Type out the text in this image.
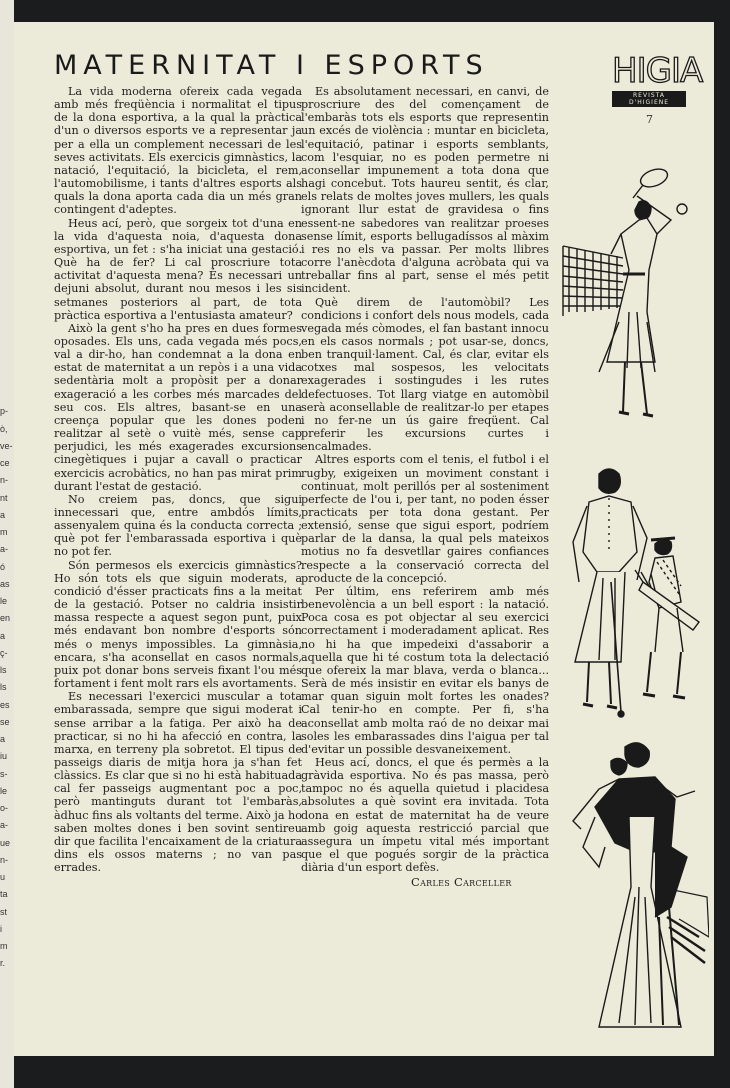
p-
ò,
ve-
ce
n-
nt
a
m
a-
ó
as
le
en
a
ç-
ls
ls
es
se
a
iu
s-
le
o-
a-
ue
n-
u
ta
st
i
m
r.
MATERNITAT I ESPORTS	HIGIA
REVISTA D'HIGIENE
7

La vida moderna ofereix cada vegada amb més freqüència i normalitat el tipus de la dona esportiva, a la qual la pràctica d'un o diversos esports ve a representar ja per a ella un complement necessari de les seves activitats. Els exercicis gimnàstics, la natació, l'equitació, la bicicleta, el rem, l'automobilisme, i tants d'altres esports als quals la dona aporta cada dia un més gran contingent d'adeptes.

Heus ací, però, que sorgeix tot d'una en la vida d'aquesta noia, d'aquesta dona esportiva, un fet : s'ha iniciat una gestació. Què ha de fer? Li cal proscriure tota activitat d'aquesta mena? És necessari un dejuni absolut, durant nou mesos i les sis setmanes posteriors al part, de tota pràctica esportiva a l'entusiasta amateur?

Això la gent s'ho ha pres en dues formes oposades. Els uns, cada vegada més pocs, val a dir-ho, han condemnat a la dona en estat de maternitat a un repòs i a una vida sedentària molt a propòsit per a donar exageració a les corbes més marcades del seu cos. Els altres, basant-se en una creença popular que les dones poden realitzar al setè o vuitè més, sense cap perjudici, les més exagerades excursions cinegètiques i pujar a cavall o practicar exercicis acrobàtics, no han pas mirat prim durant l'estat de gestació.

No creiem pas, doncs, que sigui innecessari que, entre ambdós límits, assenyalem quina és la conducta correcta ; què pot fer l'embarassada esportiva i què no pot fer.

Són permesos els exercicis gimnàstics? Ho són tots els que siguin moderats, a condició d'ésser practicats fins a la meitat de la gestació. Potser no caldria insistir massa respecte a aquest segon punt, puix més endavant bon nombre d'esports són més o menys impossibles. La gimnàsia, encara, s'ha aconsellat en casos normals, puix pot donar bons serveis fixant l'ou més fortament i fent molt rars els avortaments.

Es necessari l'exercici muscular a tota embarassada, sempre que sigui moderat i sense arribar a la fatiga. Per això ha de practicar, si no hi ha afecció en contra, la marxa, en terreny pla sobretot. El tipus de passeigs diaris de mitja hora ja s'han fet clàssics. Es clar que si no hi està habituada cal fer passeigs augmentant poc a poc, però mantinguts durant tot l'embaràs, àdhuc fins als voltants del terme. Això ja ho saben moltes dones i ben sovint sentireu dir que facilita l'encaixament de la criatura dins els ossos materns ; no van pas errades.

Es absolutament necessari, en canvi, de proscriure des del començament de l'embaràs tots els esports que representin un excés de violència : muntar en bicicleta, l'equitació, patinar i esports semblants, com l'esquiar, no es poden permetre ni aconsellar impunement a tota dona que hagi concebut. Tots haureu sentit, és clar, els relats de moltes joves mullers, les quals ignorant llur estat de gravidesa o fins essent-ne sabedores van realitzar proeses sense límit, esports bellugadíssos al màxim i res no els va passar. Per molts llibres corre l'anècdota d'alguna acròbata qui va treballar fins al part, sense el més petit incident.

Què direm de l'automòbil? Les condicions i confort dels nous models, cada vegada més còmodes, el fan bastant innocu en els casos normals ; pot usar-se, doncs, ben tranquil·lament. Cal, és clar, evitar els cotxes mal sospesos, les velocitats exagerades i sostingudes i les rutes defectuoses. Tot llarg viatge en automòbil serà aconsellable de realitzar-lo per etapes i no fer-ne un ús gaire freqüent. Cal preferir les excursions curtes i encalmades.

Altres esports com el tenis, el futbol i el rugby, exigeixen un moviment constant i continuat, molt perillós per al sosteniment perfecte de l'ou i, per tant, no poden ésser practicats per tota dona gestant. Per extensió, sense que sigui esport, podríem parlar de la dansa, la qual pels mateixos motius no fa desvetllar gaires confiances respecte a la conservació correcta del producte de la concepció.

Per últim, ens referirem amb més benevolència a un bell esport : la natació. Poca cosa es pot objectar al seu exercici correctament i moderadament aplicat. Res no hi ha que impedeixi d'assaborir a aquella que hi té costum tota la delectació que ofereix la mar blava, verda o blanca... Serà de més insistir en evitar els banys de mar quan siguin molt fortes les onades? Cal tenir-ho en compte. Per fi, s'ha aconsellat amb molta raó de no deixar mai soles les embarassades dins l'aigua per tal d'evitar un possible desvaneixement.

Heus ací, doncs, el que és permès a la gràvida esportiva. No és pas massa, però tampoc no és aquella quietud i placidesa absolutes a què sovint era invitada. Tota dona en estat de maternitat ha de veure amb goig aquesta restricció parcial que assegura un ímpetu vital més important que el que pogués sorgir de la pràctica diària d'un esport defès.

Carles Carceller
